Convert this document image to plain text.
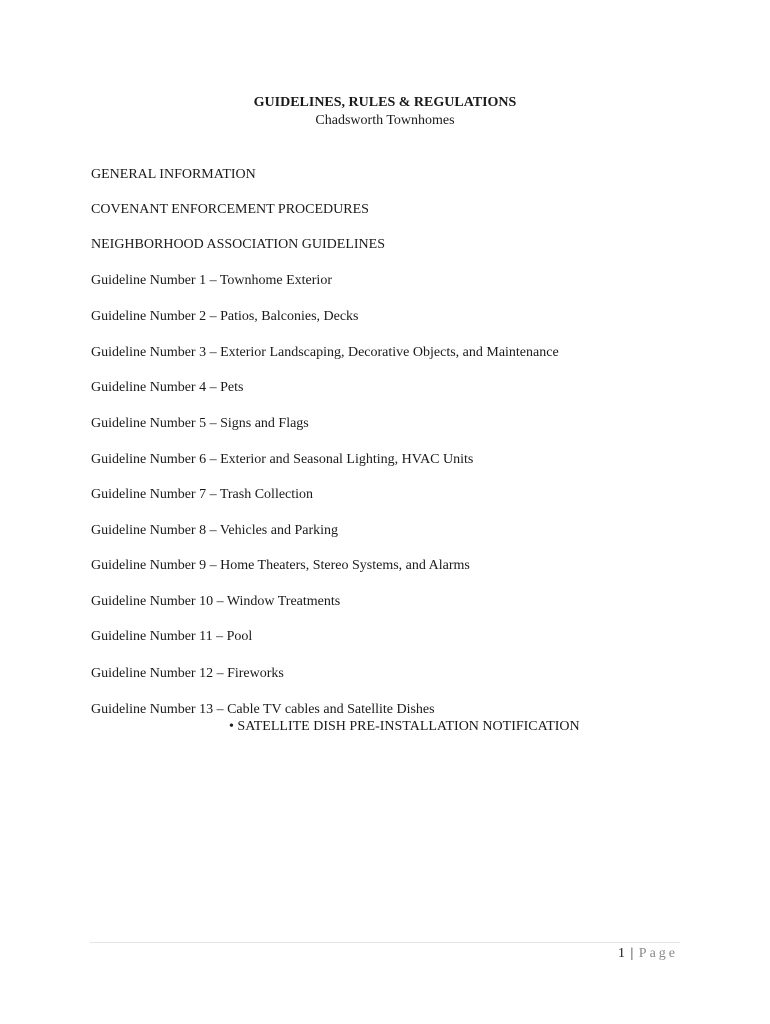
GUIDELINES, RULES & REGULATIONS
Chadsworth Townhomes
GENERAL INFORMATION
COVENANT ENFORCEMENT PROCEDURES
NEIGHBORHOOD ASSOCIATION GUIDELINES
Guideline Number 1 – Townhome Exterior
Guideline Number 2 – Patios, Balconies, Decks
Guideline Number 3 – Exterior Landscaping, Decorative Objects, and Maintenance
Guideline Number 4 – Pets
Guideline Number 5 – Signs and Flags
Guideline Number 6 – Exterior and Seasonal Lighting, HVAC Units
Guideline Number 7 – Trash Collection
Guideline Number 8 – Vehicles and Parking
Guideline Number 9 – Home Theaters, Stereo Systems, and Alarms
Guideline Number 10 – Window Treatments
Guideline Number 11 – Pool
Guideline Number 12 – Fireworks
Guideline Number 13 – Cable TV cables and Satellite Dishes
• SATELLITE DISH PRE-INSTALLATION NOTIFICATION
1 | Page
